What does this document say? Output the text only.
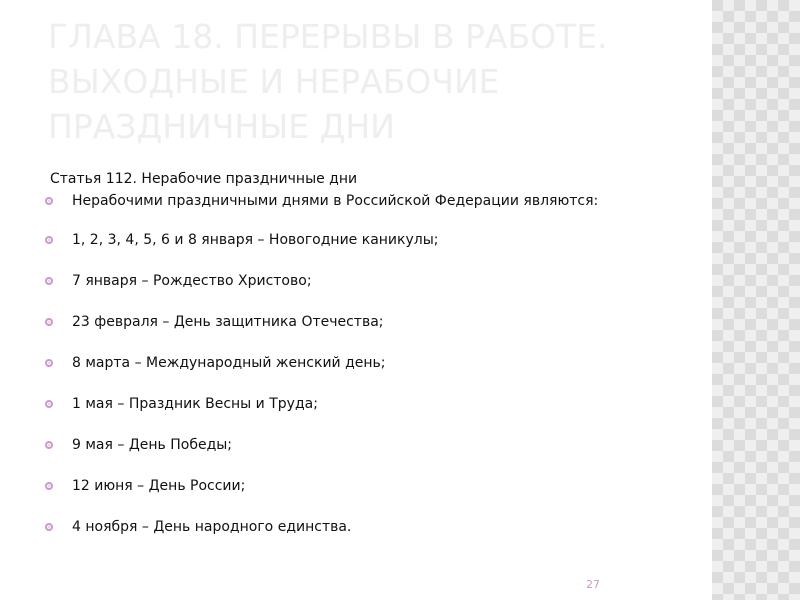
ГЛАВА 18. ПЕРЕРЫВЫ В РАБОТЕ. ВЫХОДНЫЕ И НЕРАБОЧИЕ ПРАЗДНИЧНЫЕ ДНИ
Статья 112. Нерабочие праздничные дни
Нерабочими праздничными днями в Российской Федерации являются:
1, 2, 3, 4, 5, 6 и 8 января – Новогодние каникулы;
7 января – Рождество Христово;
23 февраля – День защитника Отечества;
8 марта – Международный женский день;
1 мая – Праздник Весны и Труда;
9 мая – День Победы;
12 июня – День России;
4 ноября – День народного единства.
27
